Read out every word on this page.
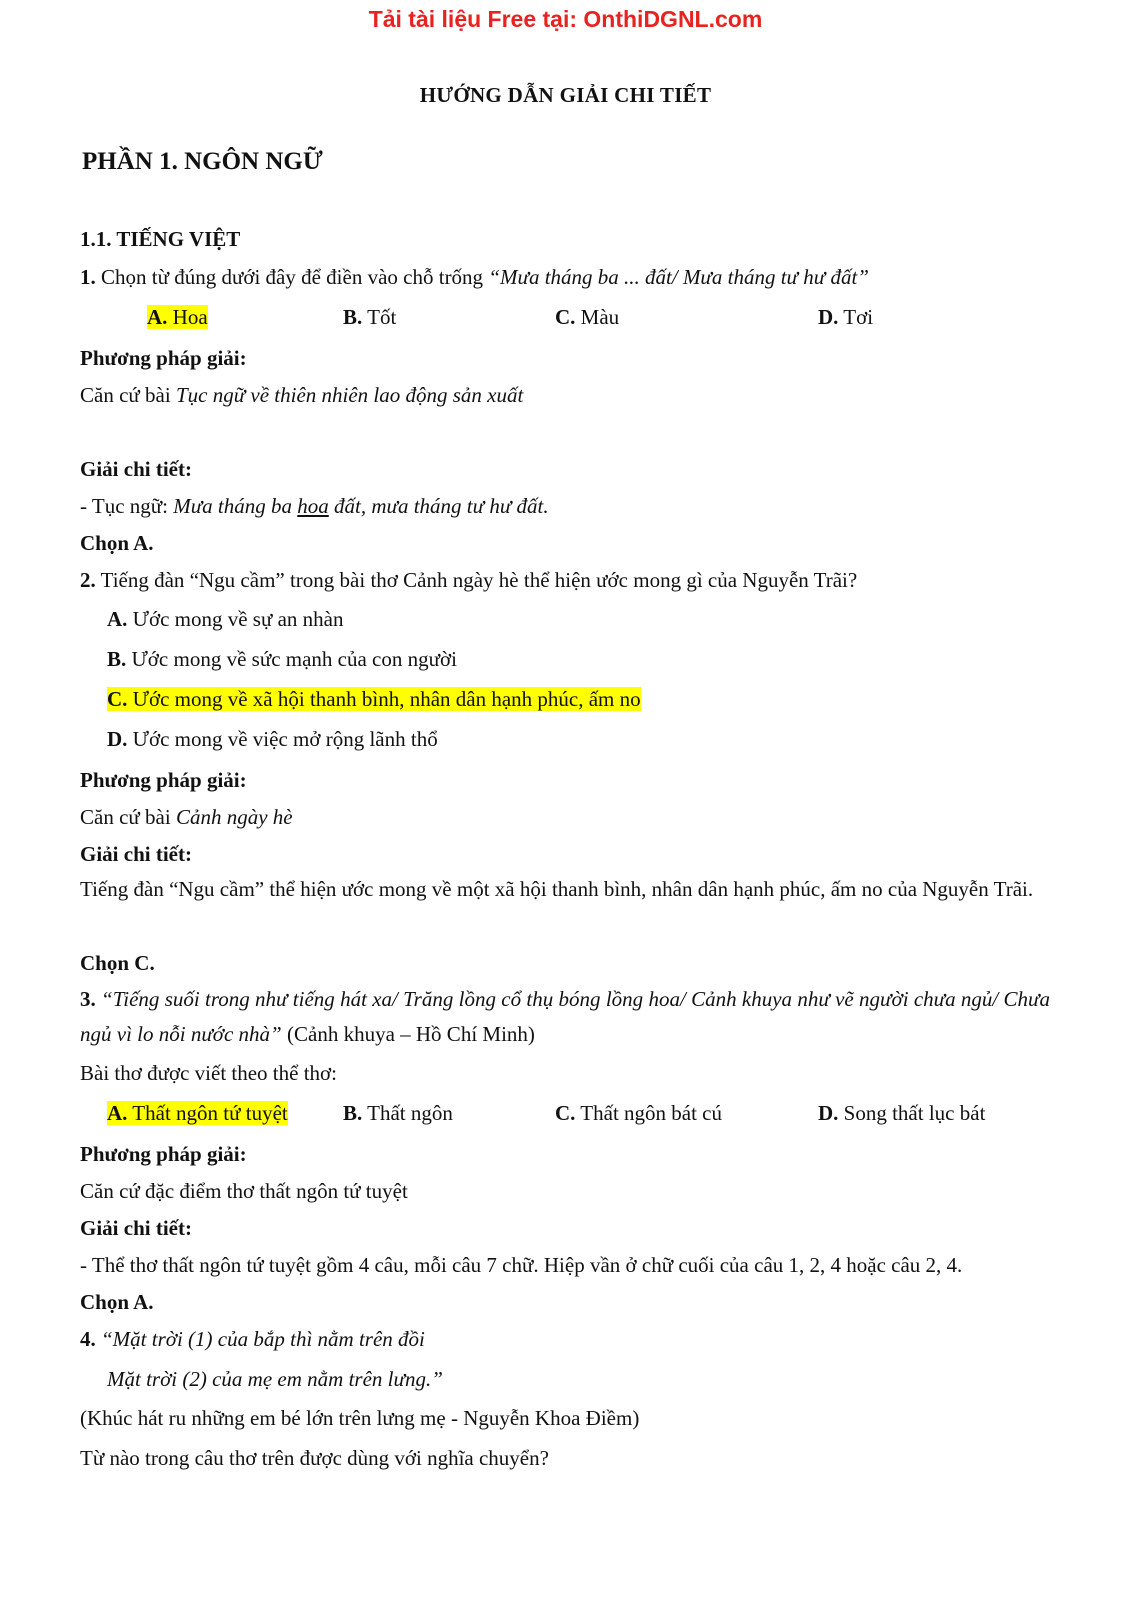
Tải tài liệu Free tại: OnthiDGNL.com
HƯỚNG DẪN GIẢI CHI TIẾT
PHẦN 1. NGÔN NGỮ
1.1. TIẾNG VIỆT
1. Chọn từ đúng dưới đây để điền vào chỗ trống “Mưa tháng ba ... đất/ Mưa tháng tư hư đất”
A. Hoa	B. Tốt	C. Màu	D. Tơi
Phương pháp giải:
Căn cứ bài Tục ngữ về thiên nhiên lao động sản xuất
Giải chi tiết:
- Tục ngữ: Mưa tháng ba hoa đất, mưa tháng tư hư đất.
Chọn A.
2. Tiếng đàn “Ngu cầm” trong bài thơ Cảnh ngày hè thể hiện ước mong gì của Nguyễn Trãi?
A. Ước mong về sự an nhàn
B. Ước mong về sức mạnh của con người
C. Ước mong về xã hội thanh bình, nhân dân hạnh phúc, ấm no
D. Ước mong về việc mở rộng lãnh thổ
Phương pháp giải:
Căn cứ bài Cảnh ngày hè
Giải chi tiết:
Tiếng đàn “Ngu cầm” thể hiện ước mong về một xã hội thanh bình, nhân dân hạnh phúc, ấm no của Nguyễn Trãi.
Chọn C.
3. “Tiếng suối trong như tiếng hát xa/ Trăng lồng cổ thụ bóng lồng hoa/ Cảnh khuya như vẽ người chưa ngủ/ Chưa ngủ vì lo nỗi nước nhà” (Cảnh khuya – Hồ Chí Minh)
Bài thơ được viết theo thể thơ:
A. Thất ngôn tứ tuyệt	B. Thất ngôn	C. Thất ngôn bát cú	D. Song thất lục bát
Phương pháp giải:
Căn cứ đặc điểm thơ thất ngôn tứ tuyệt
Giải chi tiết:
- Thể thơ thất ngôn tứ tuyệt gồm 4 câu, mỗi câu 7 chữ. Hiệp vần ở chữ cuối của câu 1, 2, 4 hoặc câu 2, 4.
Chọn A.
4. “Mặt trời (1) của bắp thì nằm trên đồi
Mặt trời (2) của mẹ em nằm trên lưng.”
(Khúc hát ru những em bé lớn trên lưng mẹ - Nguyễn Khoa Điềm)
Từ nào trong câu thơ trên được dùng với nghĩa chuyển?
